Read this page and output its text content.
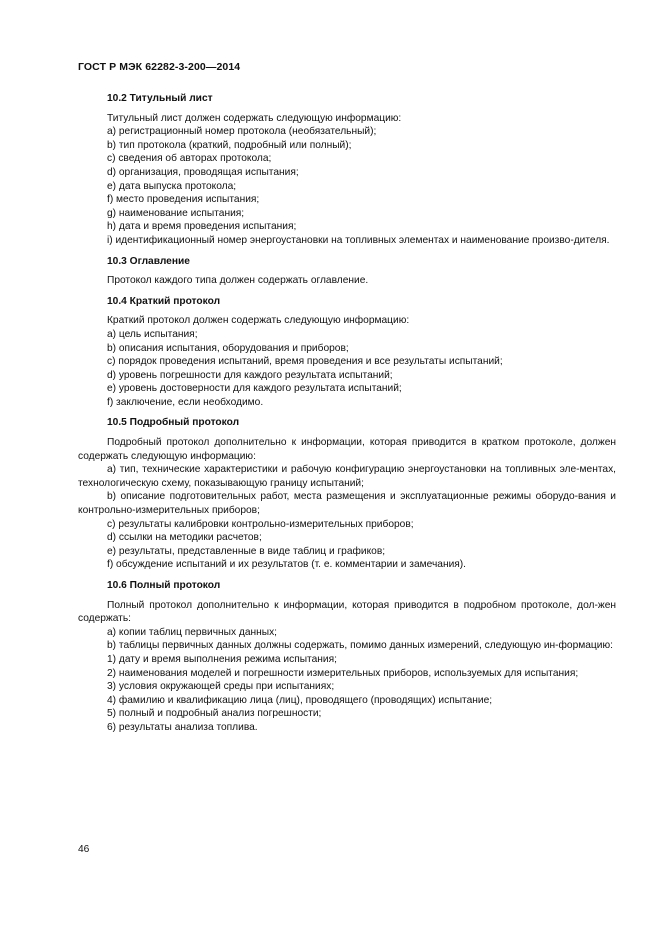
ГОСТ Р МЭК 62282-3-200—2014

10.2 Титульный лист

Титульный лист должен содержать следующую информацию:

a) регистрационный номер протокола (необязательный);

b) тип протокола (краткий, подробный или полный);

c) сведения об авторах протокола;

d) организация, проводящая испытания;

e) дата выпуска протокола;

f) место проведения испытания;

g) наименование испытания;

h) дата и время проведения испытания;

i) идентификационный номер энергоустановки на топливных элементах и наименование произво-дителя.

10.3 Оглавление

Протокол каждого типа должен содержать оглавление.

10.4 Краткий протокол

Краткий протокол должен содержать следующую информацию:

a) цель испытания;

b) описания испытания, оборудования и приборов;

c) порядок проведения испытаний, время проведения и все результаты испытаний;

d) уровень погрешности для каждого результата испытаний;

e) уровень достоверности для каждого результата испытаний;

f) заключение, если необходимо.

10.5 Подробный протокол

Подробный протокол дополнительно к информации, которая приводится в кратком протоколе, должен содержать следующую информацию:

a) тип, технические характеристики и рабочую конфигурацию энергоустановки на топливных эле-ментах, технологическую схему, показывающую границу испытаний;

b) описание подготовительных работ, места размещения и эксплуатационные режимы оборудо-вания и контрольно-измерительных приборов;

c) результаты калибровки контрольно-измерительных приборов;

d) ссылки на методики расчетов;

e) результаты, представленные в виде таблиц и графиков;

f) обсуждение испытаний и их результатов (т. е. комментарии и замечания).

10.6 Полный протокол

Полный протокол дополнительно к информации, которая приводится в подробном протоколе, дол-жен содержать:

a) копии таблиц первичных данных;

b) таблицы первичных данных должны содержать, помимо данных измерений, следующую ин-формацию:

1) дату и время выполнения режима испытания;

2) наименования моделей и погрешности измерительных приборов, используемых для испытания;

3) условия окружающей среды при испытаниях;

4) фамилию и квалификацию лица (лиц), проводящего (проводящих) испытание;

5) полный и подробный анализ погрешности;

6) результаты анализа топлива.

46
